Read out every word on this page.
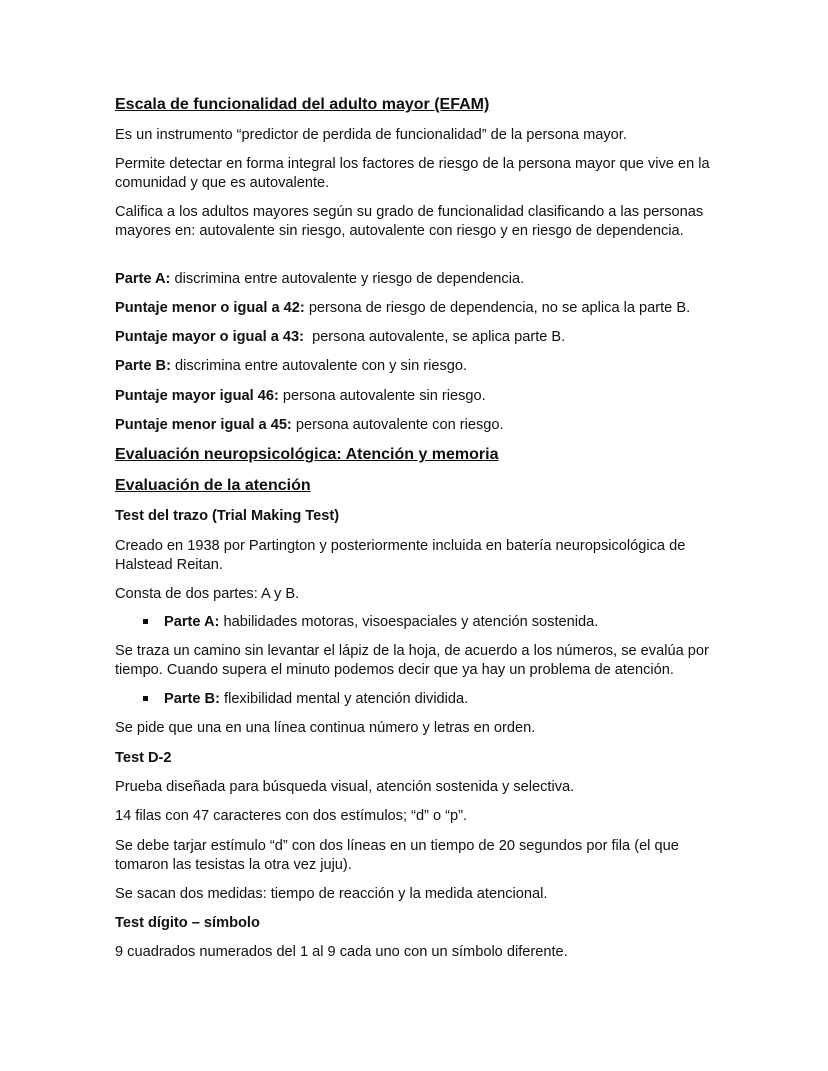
Escala de funcionalidad del adulto mayor (EFAM)
Es un instrumento “predictor de perdida de funcionalidad” de la persona mayor.
Permite detectar en forma integral los factores de riesgo de la persona mayor que vive en la comunidad y que es autovalente.
Califica a los adultos mayores según su grado de funcionalidad clasificando a las personas mayores en: autovalente sin riesgo, autovalente con riesgo y en riesgo de dependencia.
Parte A: discrimina entre autovalente y riesgo de dependencia.
Puntaje menor o igual a 42: persona de riesgo de dependencia, no se aplica la parte B.
Puntaje mayor o igual a 43:  persona autovalente, se aplica parte B.
Parte B: discrimina entre autovalente con y sin riesgo.
Puntaje mayor igual 46: persona autovalente sin riesgo.
Puntaje menor igual a 45: persona autovalente con riesgo.
Evaluación neuropsicológica: Atención y memoria
Evaluación de la atención
Test del trazo (Trial Making Test)
Creado en 1938 por Partington y posteriormente incluida en batería neuropsicológica de Halstead Reitan.
Consta de dos partes: A y B.
Parte A: habilidades motoras, visoespaciales y atención sostenida.
Se traza un camino sin levantar el lápiz de la hoja, de acuerdo a los números, se evalúa por tiempo. Cuando supera el minuto podemos decir que ya hay un problema de atención.
Parte B: flexibilidad mental y atención dividida.
Se pide que una en una línea continua número y letras en orden.
Test D-2
Prueba diseñada para búsqueda visual, atención sostenida y selectiva.
14 filas con 47 caracteres con dos estímulos; “d” o “p”.
Se debe tarjar estímulo “d” con dos líneas en un tiempo de 20 segundos por fila (el que tomaron las tesistas la otra vez juju).
Se sacan dos medidas: tiempo de reacción y la medida atencional.
Test dígito – símbolo
9 cuadrados numerados del 1 al 9 cada uno con un símbolo diferente.
